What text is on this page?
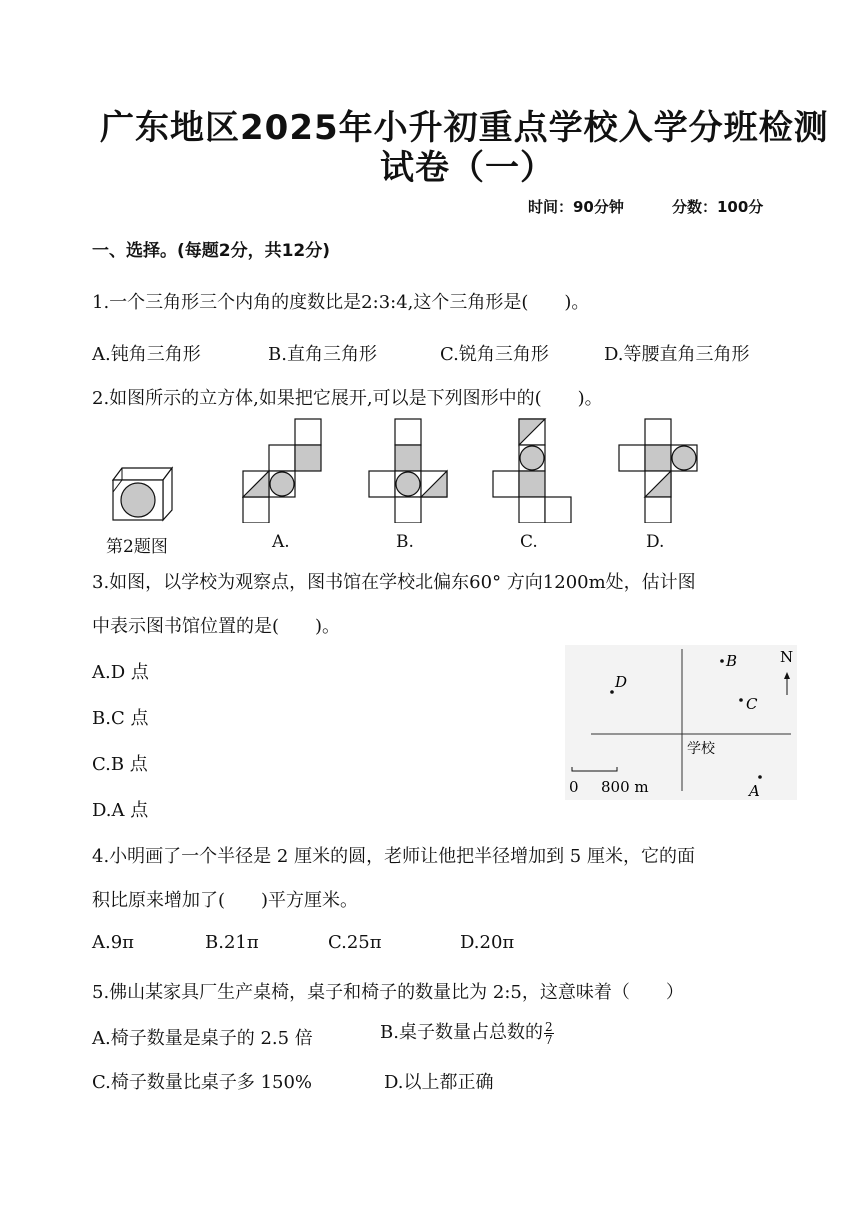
广东地区2025年小升初重点学校入学分班检测
试卷（一）
时间：90分钟	分数：100分
一、选择。(每题2分，共12分)
1.一个三角形三个内角的度数比是2:3:4,这个三角形是(　　)。
A.钝角三角形	B.直角三角形	C.锐角三角形	D.等腰直角三角形
2.如图所示的立方体,如果把它展开,可以是下列图形中的(　　)。
第2题图	A.	B.	C.	D.
3.如图，以学校为观察点，图书馆在学校北偏东60° 方向1200m处，估计图
中表示图书馆位置的是(　　)。
A.D 点
B.C 点
C.B 点
D.A 点
D
B
C
A
学校
N
0 800 m
4.小明画了一个半径是 2 厘米的圆，老师让他把半径增加到 5 厘米，它的面
积比原来增加了(　　)平方厘米。
A.9π	B.21π	C.25π	D.20π
5.佛山某家具厂生产桌椅，桌子和椅子的数量比为 2:5，这意味着（　　）
A.椅子数量是桌子的 2.5 倍	B.桌子数量占总数的 $\frac{2}{7}$
C.椅子数量比桌子多 150%	D.以上都正确
